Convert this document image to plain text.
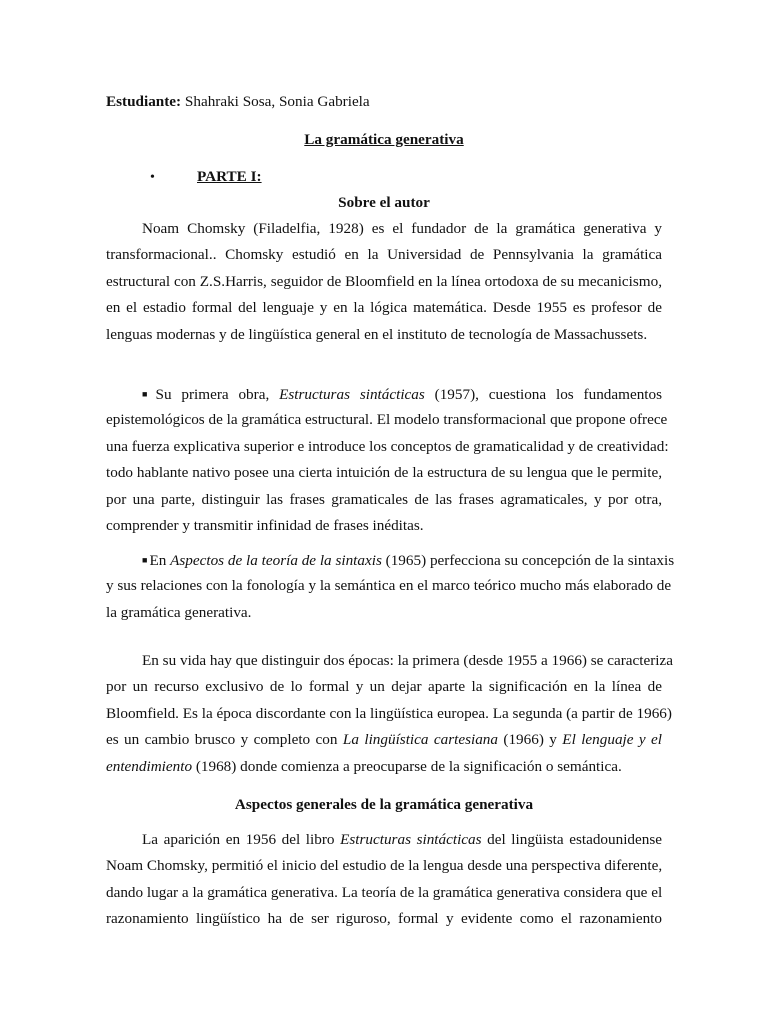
Estudiante: Shahraki Sosa, Sonia Gabriela
La gramática generativa
•	PARTE I:
Sobre el autor
Noam Chomsky (Filadelfia, 1928) es el fundador de la gramática generativa y
transformacional.. Chomsky estudió en la Universidad de Pennsylvania la gramática
estructural con Z.S.Harris, seguidor de Bloomfield en la línea ortodoxa de su mecanicismo,
en el estadio formal del lenguaje y en la lógica matemática. Desde 1955 es profesor de
lenguas modernas y de lingüística general en el instituto de tecnología de Massachussets.
■ Su primera obra, Estructuras sintácticas (1957), cuestiona los fundamentos
epistemológicos de la gramática estructural. El modelo transformacional que propone ofrece
una fuerza explicativa superior e introduce los conceptos de gramaticalidad y de creatividad:
todo hablante nativo posee una cierta intuición de la estructura de su lengua que le permite,
por una parte, distinguir las frases gramaticales de las frases agramaticales, y por otra,
comprender y transmitir infinidad de frases inéditas.
■ En Aspectos de la teoría de la sintaxis (1965) perfecciona su concepción de la sintaxis
y sus relaciones con la fonología y la semántica en el marco teórico mucho más elaborado de
la gramática generativa.
En su vida hay que distinguir dos épocas: la primera (desde 1955 a 1966) se caracteriza
por un recurso exclusivo de lo formal y un dejar aparte la significación en la línea de
Bloomfield. Es la época discordante con la lingüística europea. La segunda (a partir de 1966)
es un cambio brusco y completo con La lingüística cartesiana (1966) y El lenguaje y el
entendimiento (1968) donde comienza a preocuparse de la significación o semántica.
Aspectos generales de la gramática generativa
La aparición en 1956 del libro Estructuras sintácticas del lingüista estadounidense
Noam Chomsky, permitió el inicio del estudio de la lengua desde una perspectiva diferente,
dando lugar a la gramática generativa. La teoría de la gramática generativa considera que el
razonamiento lingüístico ha de ser riguroso, formal y evidente como el razonamiento
